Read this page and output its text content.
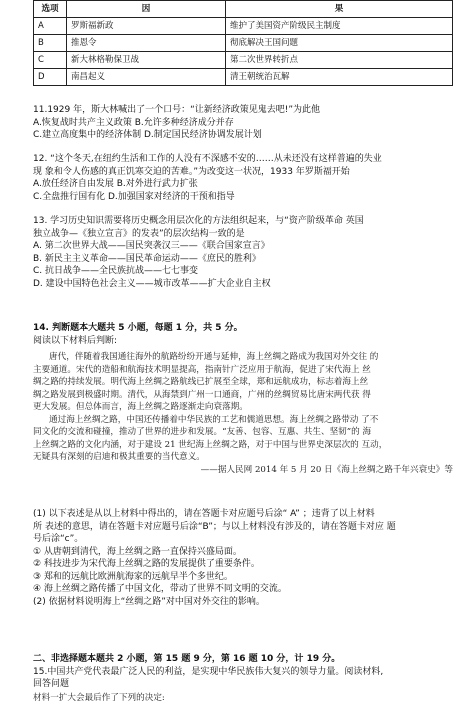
选项	因	果
A	罗斯福新政	维护了美国资产阶级民主制度
B	推恩令	彻底解决王国问题
C	新大林格勒保卫战	第二次世界转折点
D	南昌起义	清王朝统治瓦解
11.1929 年，斯大林喊出了一个口号：“让新经济政策见鬼去吧!”为此他
A.恢复战时共产主义政策 B.允许多种经济成分并存
C.建立高度集中的经济体制 D.制定国民经济协调发展计划
12. “这个冬天,在纽约生活和工作的人没有不深感不安的……从未还没有这样普遍的失业
现 象和令人伤感的真正饥寒交迫的苦难。”为改变这一状况，1933 年罗斯福开始
A.放任经济自由发展 B.对外进行武力扩张
C.全盘推行国有化 D.加强国家对经济的干预和指导
13. 学习历史知识需要将历史概念用层次化的方法组织起来，与“资产阶级革命 英国
独立战争—《独立宣言》的发表”的层次结构一致的是
A. 第二次世界大战——国民突袭汉三——《联合国家宣言》
B. 新民主主义革命——国民革命运动——《庶民的胜利》
C. 抗日战争——全民族抗战——七七事变
D. 建设中国特色社会主义——城市改革——扩大企业自主权
14. 判断题本大题共 5 小题，每题 1 分，共 5 分。
阅读以下材料后判断:
唐代，伴随着我国通往海外的航路纷纷开通与延伸，海上丝绸之路成为我国对外交往 的
主要通道。宋代的造船和航海技术明显提高，指南针广泛应用于航海，促进了宋代海上 丝
绸之路的持续发展。明代海上丝绸之路航线已扩展至全球，郑和远航成功，标志着海上丝
绸之路发展到极盛时期。清代，从海禁到广州一口通商，广州的丝绸贸易比唐宋两代获 得
更大发展。但总体而言，海上丝绸之路逐渐走向衰落期。
通过海上丝绸之路，中国还传播着中华民族的工艺和儒道思想。海上丝绸之路带动 了不
同文化的交流和碰撞，推动了世界的进步和发展。“友善、包容、互惠、共生、坚韧”的 海
上丝绸之路的文化内涵，对于建设 21 世纪海上丝绸之路，对于中国与世界史深层次的 互动，
无疑具有深刻的启迪和极其重要的当代意义。
——据人民网 2014 年 5 月 20 日《海上丝绸之路千年兴衰史》等
(1) 以下表述是从以上材料中得出的，请在答题卡对应题号后涂“ A” ；违背了以上材料
所 表述的意思，请在答题卡对应题号后涂“B”；与以上材料没有涉及的，请在答题卡对应 题
号后涂“c”。
① 从唐朝到清代，海上丝绸之路一直保持兴盛局面。
② 科技进步为宋代海上丝绸之路的发展提供了重要条件。
③ 郑和的远航比欧洲航海家的远航早半个多世纪。
④ 海上丝绸之路传播了中国文化，带动了世界不同文明的交流。
(2) 依据材料说明海上“丝绸之路”对中国对外交往的影响。
二、非选择题本题共 2 小题，第 15 题 9 分，第 16 题 10 分，计 19 分。
15.中国共产党代表最广泛人民的利益，是实现中华民族伟大复兴的领导力量。阅读材料,
回答问题
材料一扩大会最后作了下列的决定:
